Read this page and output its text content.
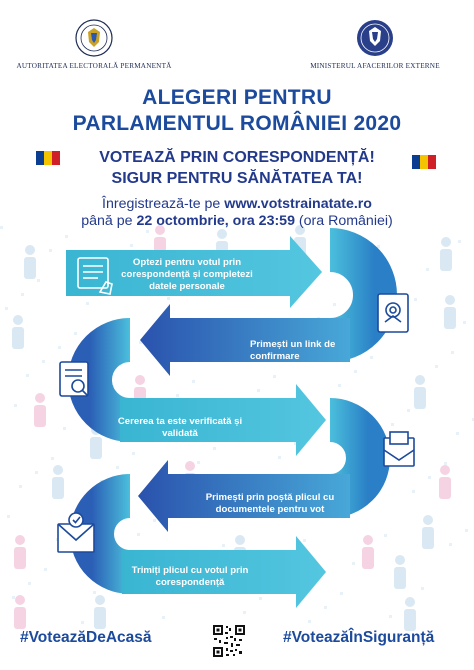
AUTORITATEA ELECTORALĂ PERMANENTĂ	MINISTERUL AFACERILOR EXTERNE
ALEGERI PENTRU
PARLAMENTUL ROMÂNIEI 2020
VOTEAZĂ PRIN CORESPONDENȚĂ!
SIGUR PENTRU SĂNĂTATEA TA!
Înregistrează-te pe www.votstrainatate.ro
până pe 22 octombrie, ora 23:59 (ora României)
Optezi pentru votul prin corespondență și completezi datele personale
Primești un link de confirmare
Cererea ta este verificată și validată
Primești prin poștă plicul cu documentele pentru vot
Trimiți plicul cu votul prin corespondență
#VoteazăDeAcasă	#VoteazăÎnSiguranță
